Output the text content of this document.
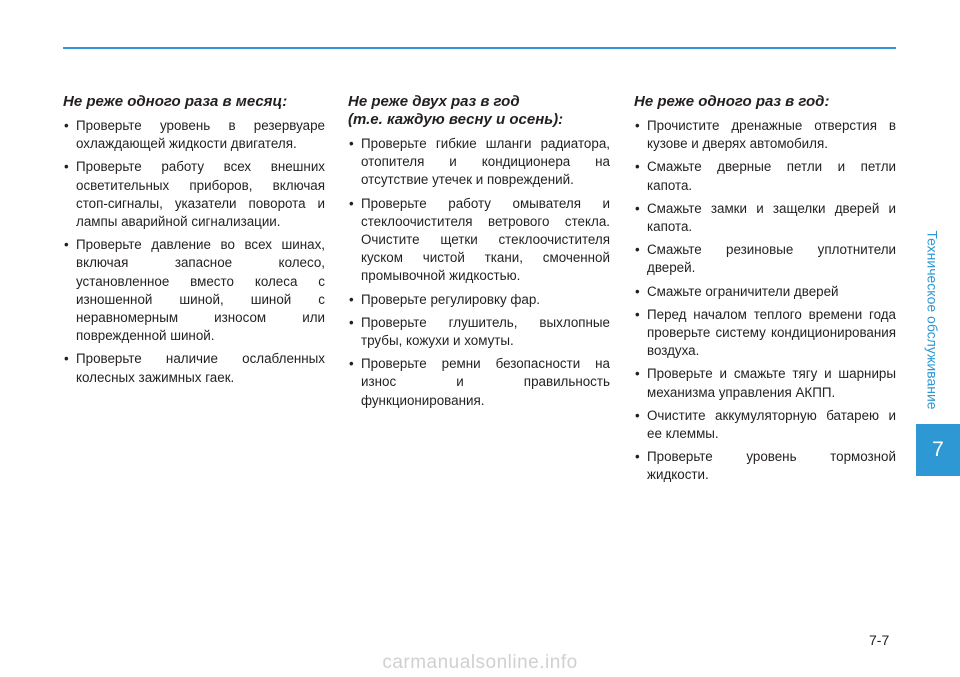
Не реже одного раза в месяц:
• Проверьте уровень в резервуаре охлаждающей жидкости двигателя.
• Проверьте работу всех внешних осветительных приборов, включая стоп-сигналы, указатели поворота и лампы аварийной сигнализации.
• Проверьте давление во всех шинах, включая запасное колесо, установленное вместо колеса с изношенной шиной, шиной с неравномерным износом или поврежденной шиной.
• Проверьте наличие ослабленных колесных зажимных гаек.
Не реже двух раз в год
(т.е. каждую весну и осень):
• Проверьте гибкие шланги радиатора, отопителя и кондиционера на отсутствие утечек и повреждений.
• Проверьте работу омывателя и стеклоочистителя ветрового стекла. Очистите щетки стеклоочистителя куском чистой ткани, смоченной промывочной жидкостью.
• Проверьте регулировку фар.
• Проверьте глушитель, выхлопные трубы, кожухи и хомуты.
• Проверьте ремни безопасности на износ и правильность функционирования.
Не реже одного раз в год:
• Прочистите дренажные отверстия в кузове и дверях автомобиля.
• Смажьте дверные петли и петли капота.
• Смажьте замки и защелки дверей и капота.
• Смажьте резиновые уплотнители дверей.
• Смажьте ограничители дверей
• Перед началом теплого времени года проверьте систему кондиционирования воздуха.
• Проверьте и смажьте тягу и шарниры механизма управления АКПП.
• Очистите аккумуляторную батарею и ее клеммы.
• Проверьте уровень тормозной жидкости.
Техническое обслуживание
7
7-7
carmanualsonline.info
